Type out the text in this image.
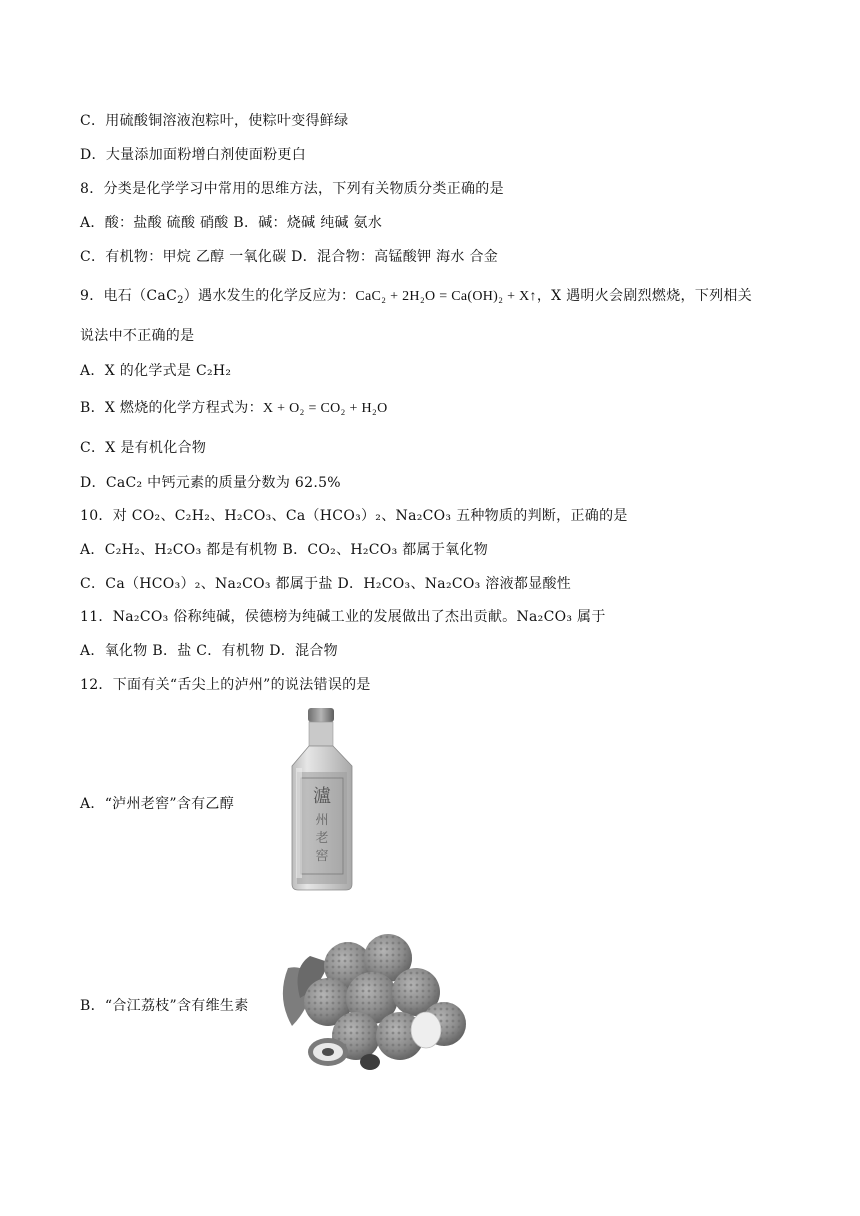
C．用硫酸铜溶液泡粽叶，使粽叶变得鲜绿
D．大量添加面粉增白剂使面粉更白
8．分类是化学学习中常用的思维方法，下列有关物质分类正确的是
A．酸：盐酸 硫酸 硝酸 B．碱：烧碱 纯碱 氨水
C．有机物：甲烷 乙醇 一氧化碳 D．混合物：高锰酸钾 海水 合金
9．电石（CaC$_2$）遇水发生的化学反应为：CaC₂ + 2H₂O = Ca(OH)₂ + X↑，X 遇明火会剧烈燃烧，下列相关
说法中不正确的是
A．X 的化学式是 C₂H₂
B．X 燃烧的化学方程式为：X + O₂ = CO₂ + H₂O
C．X 是有机化合物
D．CaC₂ 中钙元素的质量分数为 62.5%
10．对 CO₂、C₂H₂、H₂CO₃、Ca（HCO₃）₂、Na₂CO₃ 五种物质的判断，正确的是
A．C₂H₂、H₂CO₃ 都是有机物 B．CO₂、H₂CO₃ 都属于氧化物
C．Ca（HCO₃）₂、Na₂CO₃ 都属于盐 D．H₂CO₃、Na₂CO₃ 溶液都显酸性
11．Na₂CO₃ 俗称纯碱，侯德榜为纯碱工业的发展做出了杰出贡献。Na₂CO₃ 属于
A．氧化物 B．盐 C．有机物 D．混合物
12．下面有关“舌尖上的泸州”的说法错误的是
A．“泸州老窖”含有乙醇
B．“合江荔枝”含有维生素
瀘
州
老
窖
